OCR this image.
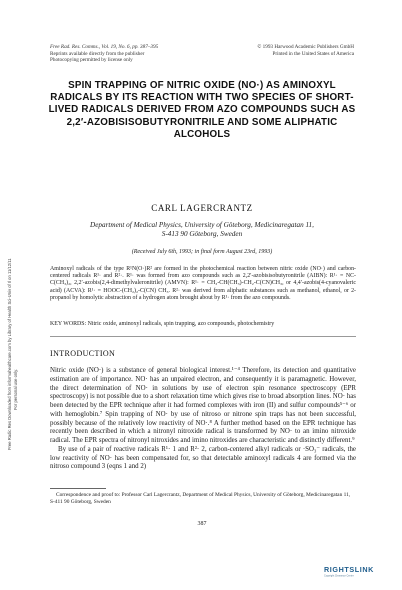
Free Radic Res Downloaded from informahealthcare.com by Library of Health Sci-Univ of Il on 11/12/11 For personal use only.
Free Rad. Res. Comms., Vol. 19, No. 6, pp. 387–395
Reprints available directly from the publisher
Photocopying permitted by license only
© 1993 Harwood Academic Publishers GmbH
Printed in the United States of America
SPIN TRAPPING OF NITRIC OXIDE (NO·) AS AMINOXYL RADICALS BY ITS REACTION WITH TWO SPECIES OF SHORT-LIVED RADICALS DERIVED FROM AZO COMPOUNDS SUCH AS 2,2′-AZOBISISOBUTYRONITRILE AND SOME ALIPHATIC ALCOHOLS
CARL LAGERCRANTZ
Department of Medical Physics, University of Göteborg, Medicinaregatan 11,
S-413 90 Göteborg, Sweden
(Received July 6th, 1993; in final form August 23rd, 1993)
Aminoxyl radicals of the type R¹N(O·)R² are formed in the photochemical reaction between nitric oxide (NO·) and carbon-centered radicals R¹· and R²·. R¹· was formed from azo compounds such as 2,2′-azobisisobutyronitrile (AIBN): R¹· = NC-C(CH₃)₂, 2,2′-azobis(2,4-dimethylvaleronitrile) (AMVN): R¹· = CH₃-CH(CH₃)-CH₂-C(CN)CH₃, or 4,4′-azobis(4-cyanovaleric acid) (ACVA): R¹· = HOOC-(CH₂)₂-C(CN) CH₃. R²· was derived from aliphatic substances such as methanol, ethanol, or 2-propanol by homolytic abstraction of a hydrogen atom brought about by R¹· from the azo compounds.
KEY WORDS: Nitric oxide, aminoxyl radicals, spin trapping, azo compounds, photochemistry
INTRODUCTION

Nitric oxide (NO·) is a substance of general biological interest.¹⁻⁴ Therefore, its detection and quantitative estimation are of importance. NO· has an unpaired electron, and consequently it is paramagnetic. However, the direct determination of NO· in solutions by use of electron spin resonance spectroscopy (EPR spectroscopy) is not possible due to a short relaxation time which gives rise to broad absorption lines. NO· has been detected by the EPR technique after it had formed complexes with iron (II) and sulfur compounds⁵⁻⁶ or with hemoglobin.⁷ Spin trapping of NO· by use of nitroso or nitrone spin traps has not been successful, possibly because of the relatively low reactivity of NO·.⁸ A further method based on the EPR technique has recently been described in which a nitronyl nitroxide radical is transformed by NO· to an imino nitroxide radical. The EPR spectra of nitronyl nitroxides and imino nitroxides are characteristic and distinctly different.⁹

By use of a pair of reactive radicals R¹· 1 and R²· 2, carbon-centered alkyl radicals or ·SO₃⁻ radicals, the low reactivity of NO· has been compensated for, so that detectable aminoxyl radicals 4 are formed via the nitroso compound 3 (eqns 1 and 2)

Correspondence and proof to: Professor Carl Lagercrantz, Department of Medical Physics, University of Göteborg, Medicinaregatan 11, S-411 90 Göteborg, Sweden
387
RIGHTSLINK
Copyright Clearance Center
